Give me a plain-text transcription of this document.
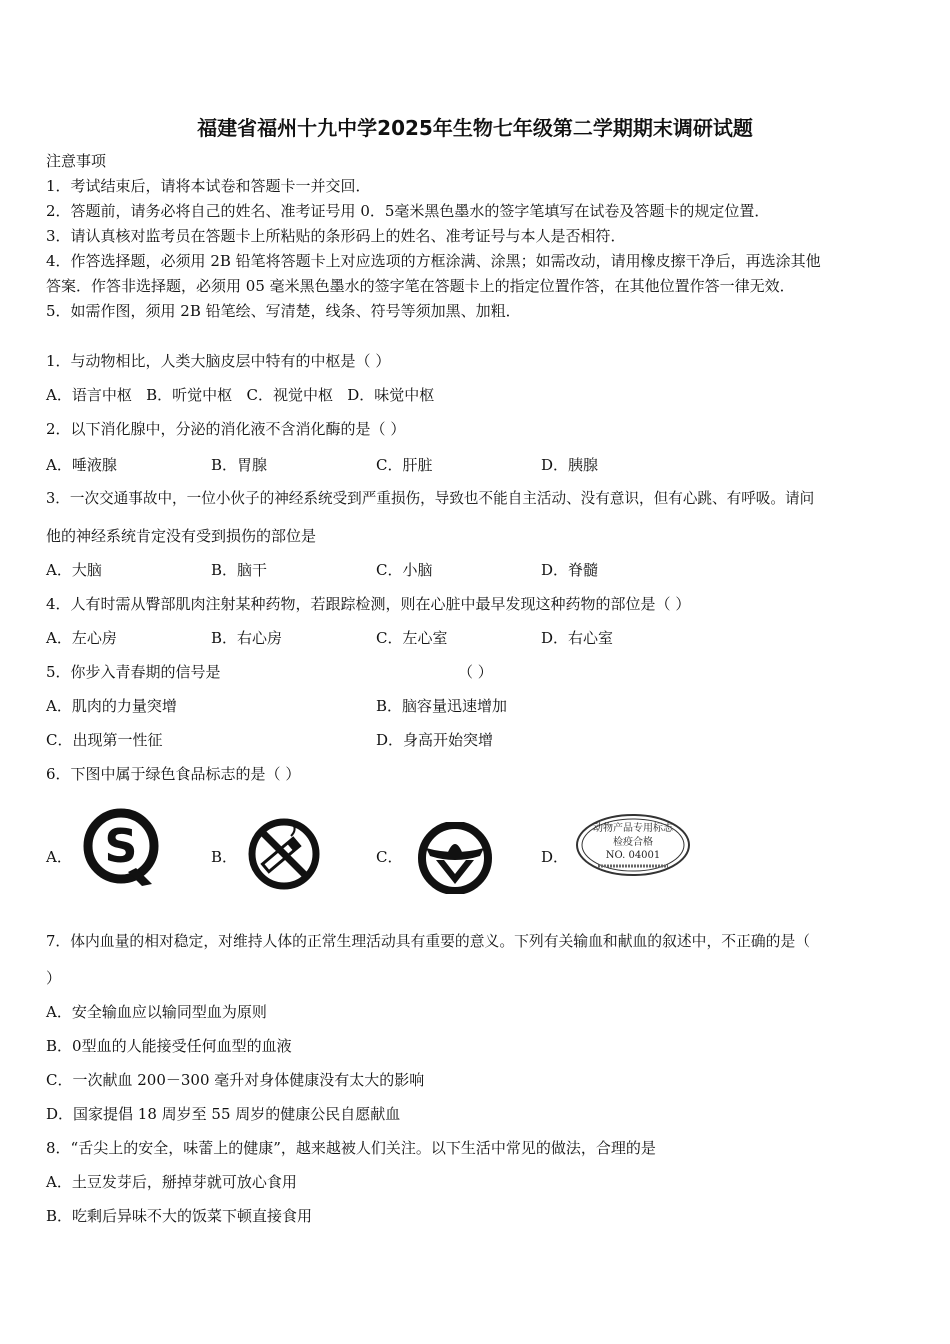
福建省福州十九中学2025年生物七年级第二学期期末调研试题
注意事项
1．考试结束后，请将本试卷和答题卡一并交回．
2．答题前，请务必将自己的姓名、准考证号用 0．5毫米黑色墨水的签字笔填写在试卷及答题卡的规定位置．
3．请认真核对监考员在答题卡上所粘贴的条形码上的姓名、准考证号与本人是否相符．
4．作答选择题，必须用 2B 铅笔将答题卡上对应选项的方框涂满、涂黑；如需改动，请用橡皮擦干净后，再选涂其他
答案．作答非选择题，必须用 05 毫米黑色墨水的签字笔在答题卡上的指定位置作答，在其他位置作答一律无效．
5．如需作图，须用 2B 铅笔绘、写清楚，线条、符号等须加黑、加粗．
1．与动物相比，人类大脑皮层中特有的中枢是（ ）
A．语言中枢   B．听觉中枢   C．视觉中枢   D．味觉中枢
2．以下消化腺中，分泌的消化液不含消化酶的是（ ）
A．唾液腺	B．胃腺	C．肝脏	D．胰腺
3．一次交通事故中，一位小伙子的神经系统受到严重损伤，导致也不能自主活动、没有意识，但有心跳、有呼吸。请问
他的神经系统肯定没有受到损伤的部位是
A．大脑	B．脑干	C．小脑	D．脊髓
4．人有时需从臀部肌肉注射某种药物，若跟踪检测，则在心脏中最早发现这种药物的部位是（ ）
A．左心房	B．右心房	C．左心室	D．右心室
5．你步入青春期的信号是	（ ）
A．肌肉的力量突增	B．脑容量迅速增加
C．出现第一性征	D．身高开始突增
6．下图中属于绿色食品标志的是（ ）
A．	B．	C．	D．
S	动物产品专用标志
检疫合格
NO. 04001
7．体内血量的相对稳定，对维持人体的正常生理活动具有重要的意义。下列有关输血和献血的叙述中，不正确的是（
）
A．安全输血应以输同型血为原则
B．0型血的人能接受任何血型的血液
C．一次献血 200－300 毫升对身体健康没有太大的影响
D．国家提倡 18 周岁至 55 周岁的健康公民自愿献血
8．“舌尖上的安全，味蕾上的健康”，越来越被人们关注。以下生活中常见的做法，合理的是
A．土豆发芽后，掰掉芽就可放心食用
B．吃剩后异味不大的饭菜下顿直接食用
